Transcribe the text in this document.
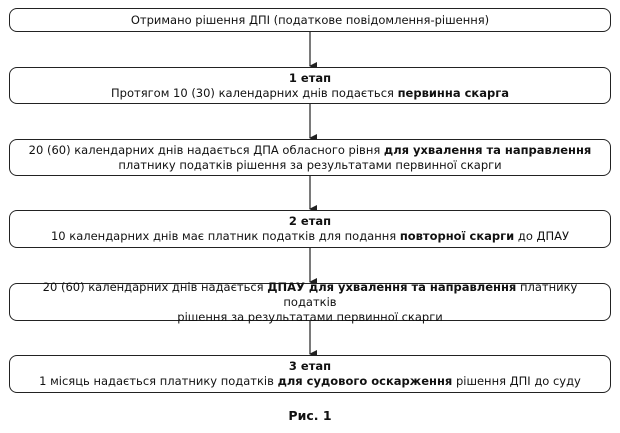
Отримано рішення ДПІ (податкове повідомлення-рішення)
1 етап
Протягом 10 (30) календарних днів подається первинна скарга
20 (60) календарних днів надається ДПА обласного рівня для ухвалення та направлення
платнику податків рішення за результатами первинної скарги
2 етап
10 календарних днів має платник податків для подання повторної скарги до ДПАУ
20 (60) календарних днів надається ДПАУ для ухвалення та направлення платнику податків
рішення за результатами первинної скарги
3 етап
1 місяць надається платнику податків для судового оскарження рішення ДПІ до суду
Рис. 1
